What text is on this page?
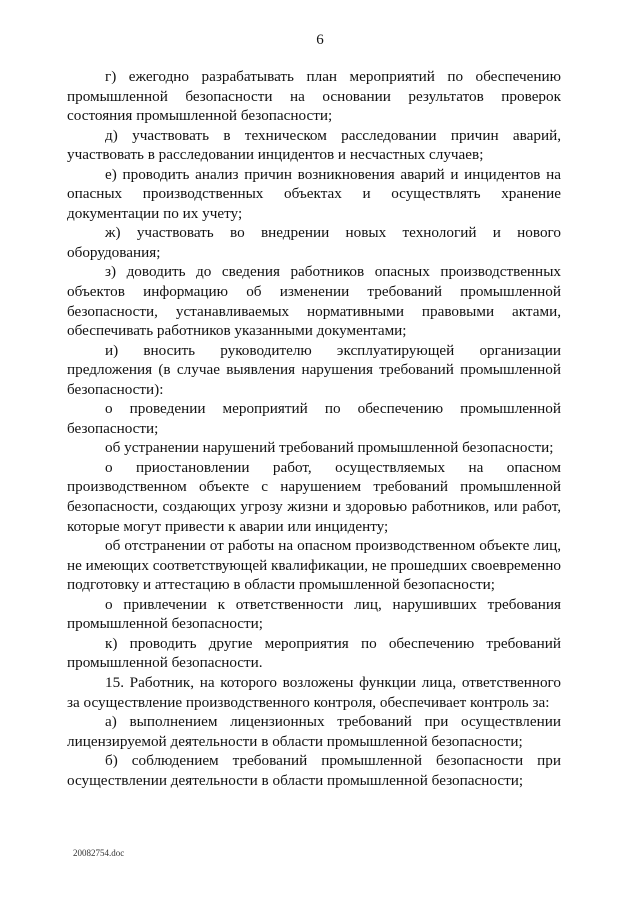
6

г) ежегодно разрабатывать план мероприятий по обеспечению промышленной безопасности на основании результатов проверок состояния промышленной безопасности;

д) участвовать в техническом расследовании причин аварий, участвовать в расследовании инцидентов и несчастных случаев;

е) проводить анализ причин возникновения аварий и инцидентов на опасных производственных объектах и осуществлять хранение документации по их учету;

ж) участвовать во внедрении новых технологий и нового оборудования;

з) доводить до сведения работников опасных производственных объектов информацию об изменении требований промышленной безопасности, устанавливаемых нормативными правовыми актами, обеспечивать работников указанными документами;

и) вносить руководителю эксплуатирующей организации предложения (в случае выявления нарушения требований промышленной безопасности):

о проведении мероприятий по обеспечению промышленной безопасности;

об устранении нарушений требований промышленной безопасности;

о приостановлении работ, осуществляемых на опасном производственном объекте с нарушением требований промышленной безопасности, создающих угрозу жизни и здоровью работников, или работ, которые могут привести к аварии или инциденту;

об отстранении от работы на опасном производственном объекте лиц, не имеющих соответствующей квалификации, не прошедших своевременно подготовку и аттестацию в области промышленной безопасности;

о привлечении к ответственности лиц, нарушивших требования промышленной безопасности;

к) проводить другие мероприятия по обеспечению требований промышленной безопасности.

15. Работник, на которого возложены функции лица, ответственного за осуществление производственного контроля, обеспечивает контроль за:

а) выполнением лицензионных требований при осуществлении лицензируемой деятельности в области промышленной безопасности;

б) соблюдением требований промышленной безопасности при осуществлении деятельности в области промышленной безопасности;

20082754.doc
